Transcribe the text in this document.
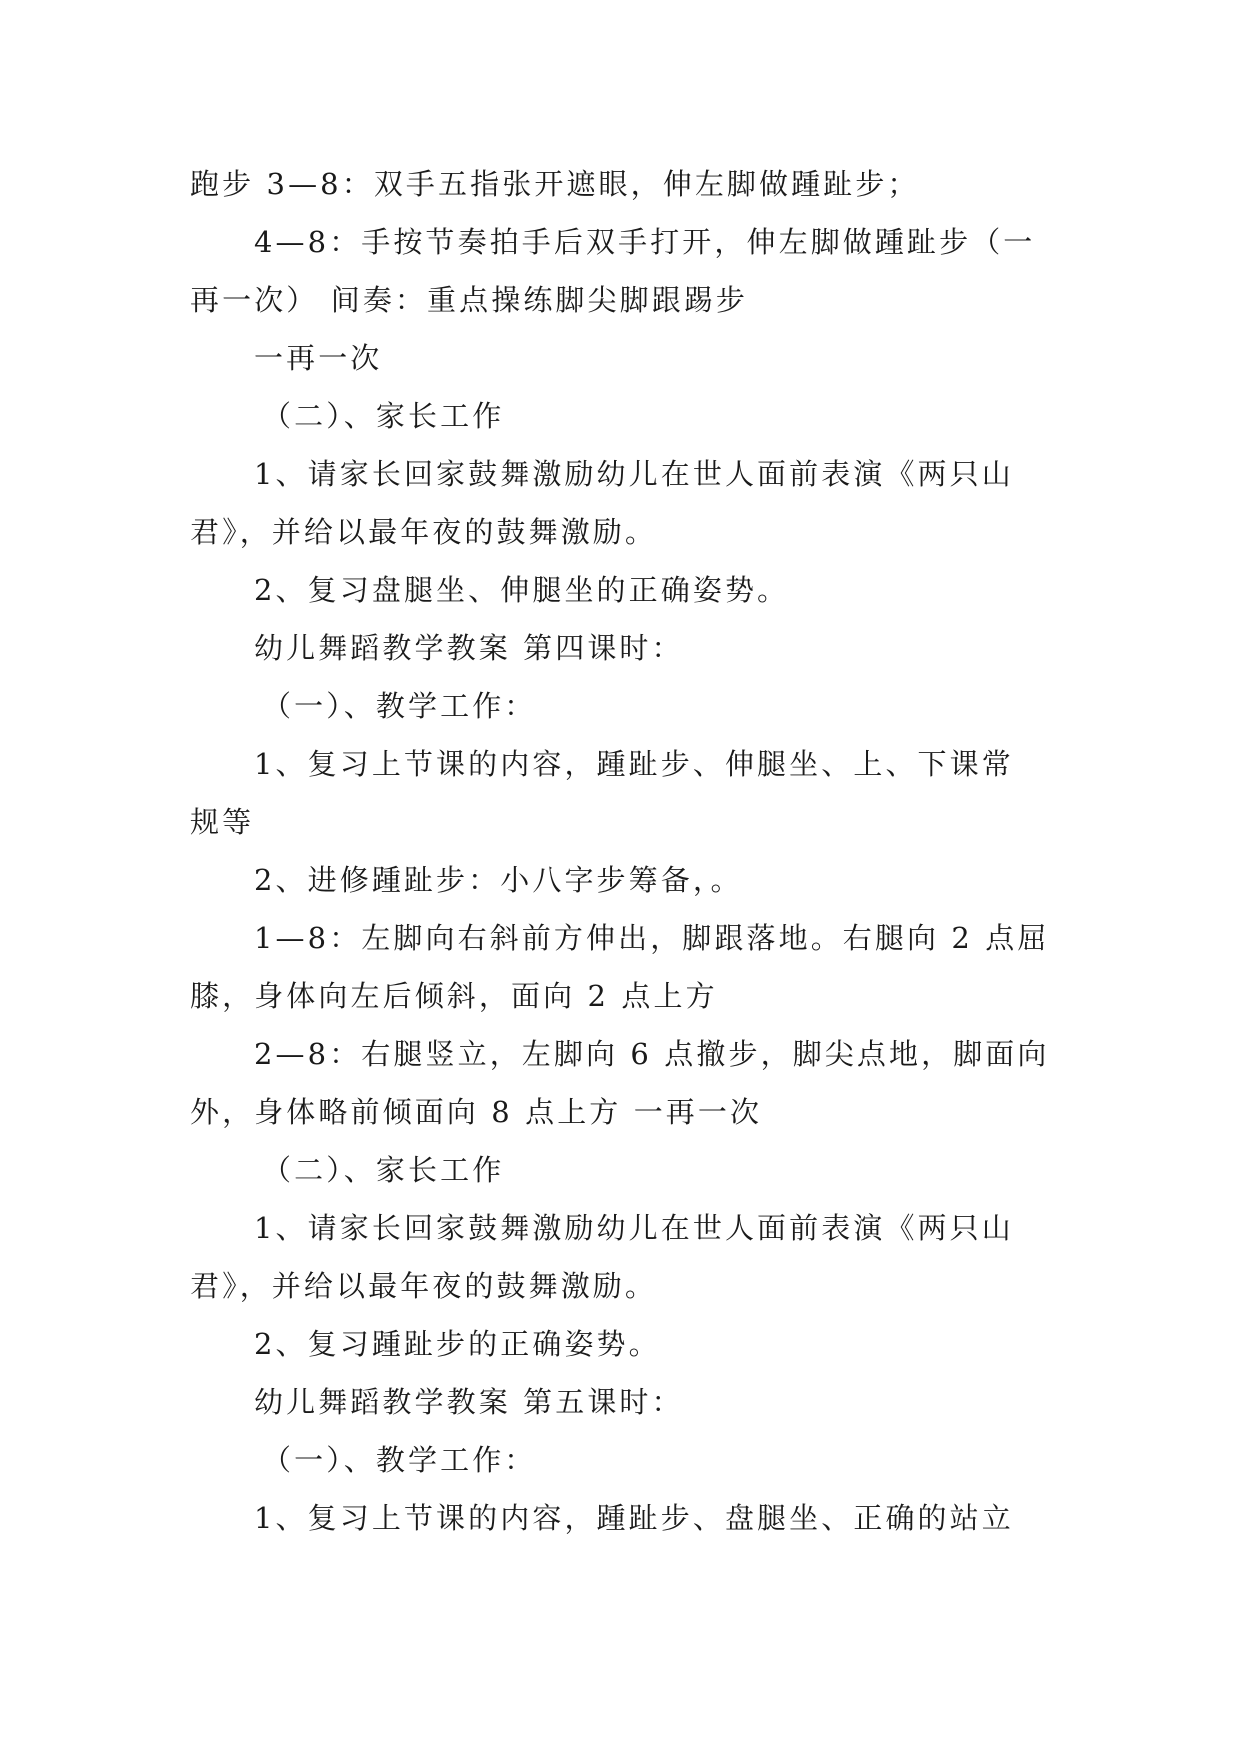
跑步 3—8：双手五指张开遮眼，伸左脚做踵趾步；
4—8：手按节奏拍手后双手打开，伸左脚做踵趾步（一
再一次） 间奏：重点操练脚尖脚跟踢步
一再一次
（二）、家长工作
1、请家长回家鼓舞激励幼儿在世人面前表演《两只山
君》，并给以最年夜的鼓舞激励。
2、复习盘腿坐、伸腿坐的正确姿势。
幼儿舞蹈教学教案 第四课时：
（一）、教学工作：
1、复习上节课的内容，踵趾步、伸腿坐、上、下课常
规等
2、进修踵趾步：小八字步筹备，。
1—8：左脚向右斜前方伸出，脚跟落地。右腿向 2 点屈
膝，身体向左后倾斜，面向 2 点上方
2—8：右腿竖立，左脚向 6 点撤步，脚尖点地，脚面向
外，身体略前倾面向 8 点上方 一再一次
（二）、家长工作
1、请家长回家鼓舞激励幼儿在世人面前表演《两只山
君》，并给以最年夜的鼓舞激励。
2、复习踵趾步的正确姿势。
幼儿舞蹈教学教案 第五课时：
（一）、教学工作：
1、复习上节课的内容，踵趾步、盘腿坐、正确的站立
